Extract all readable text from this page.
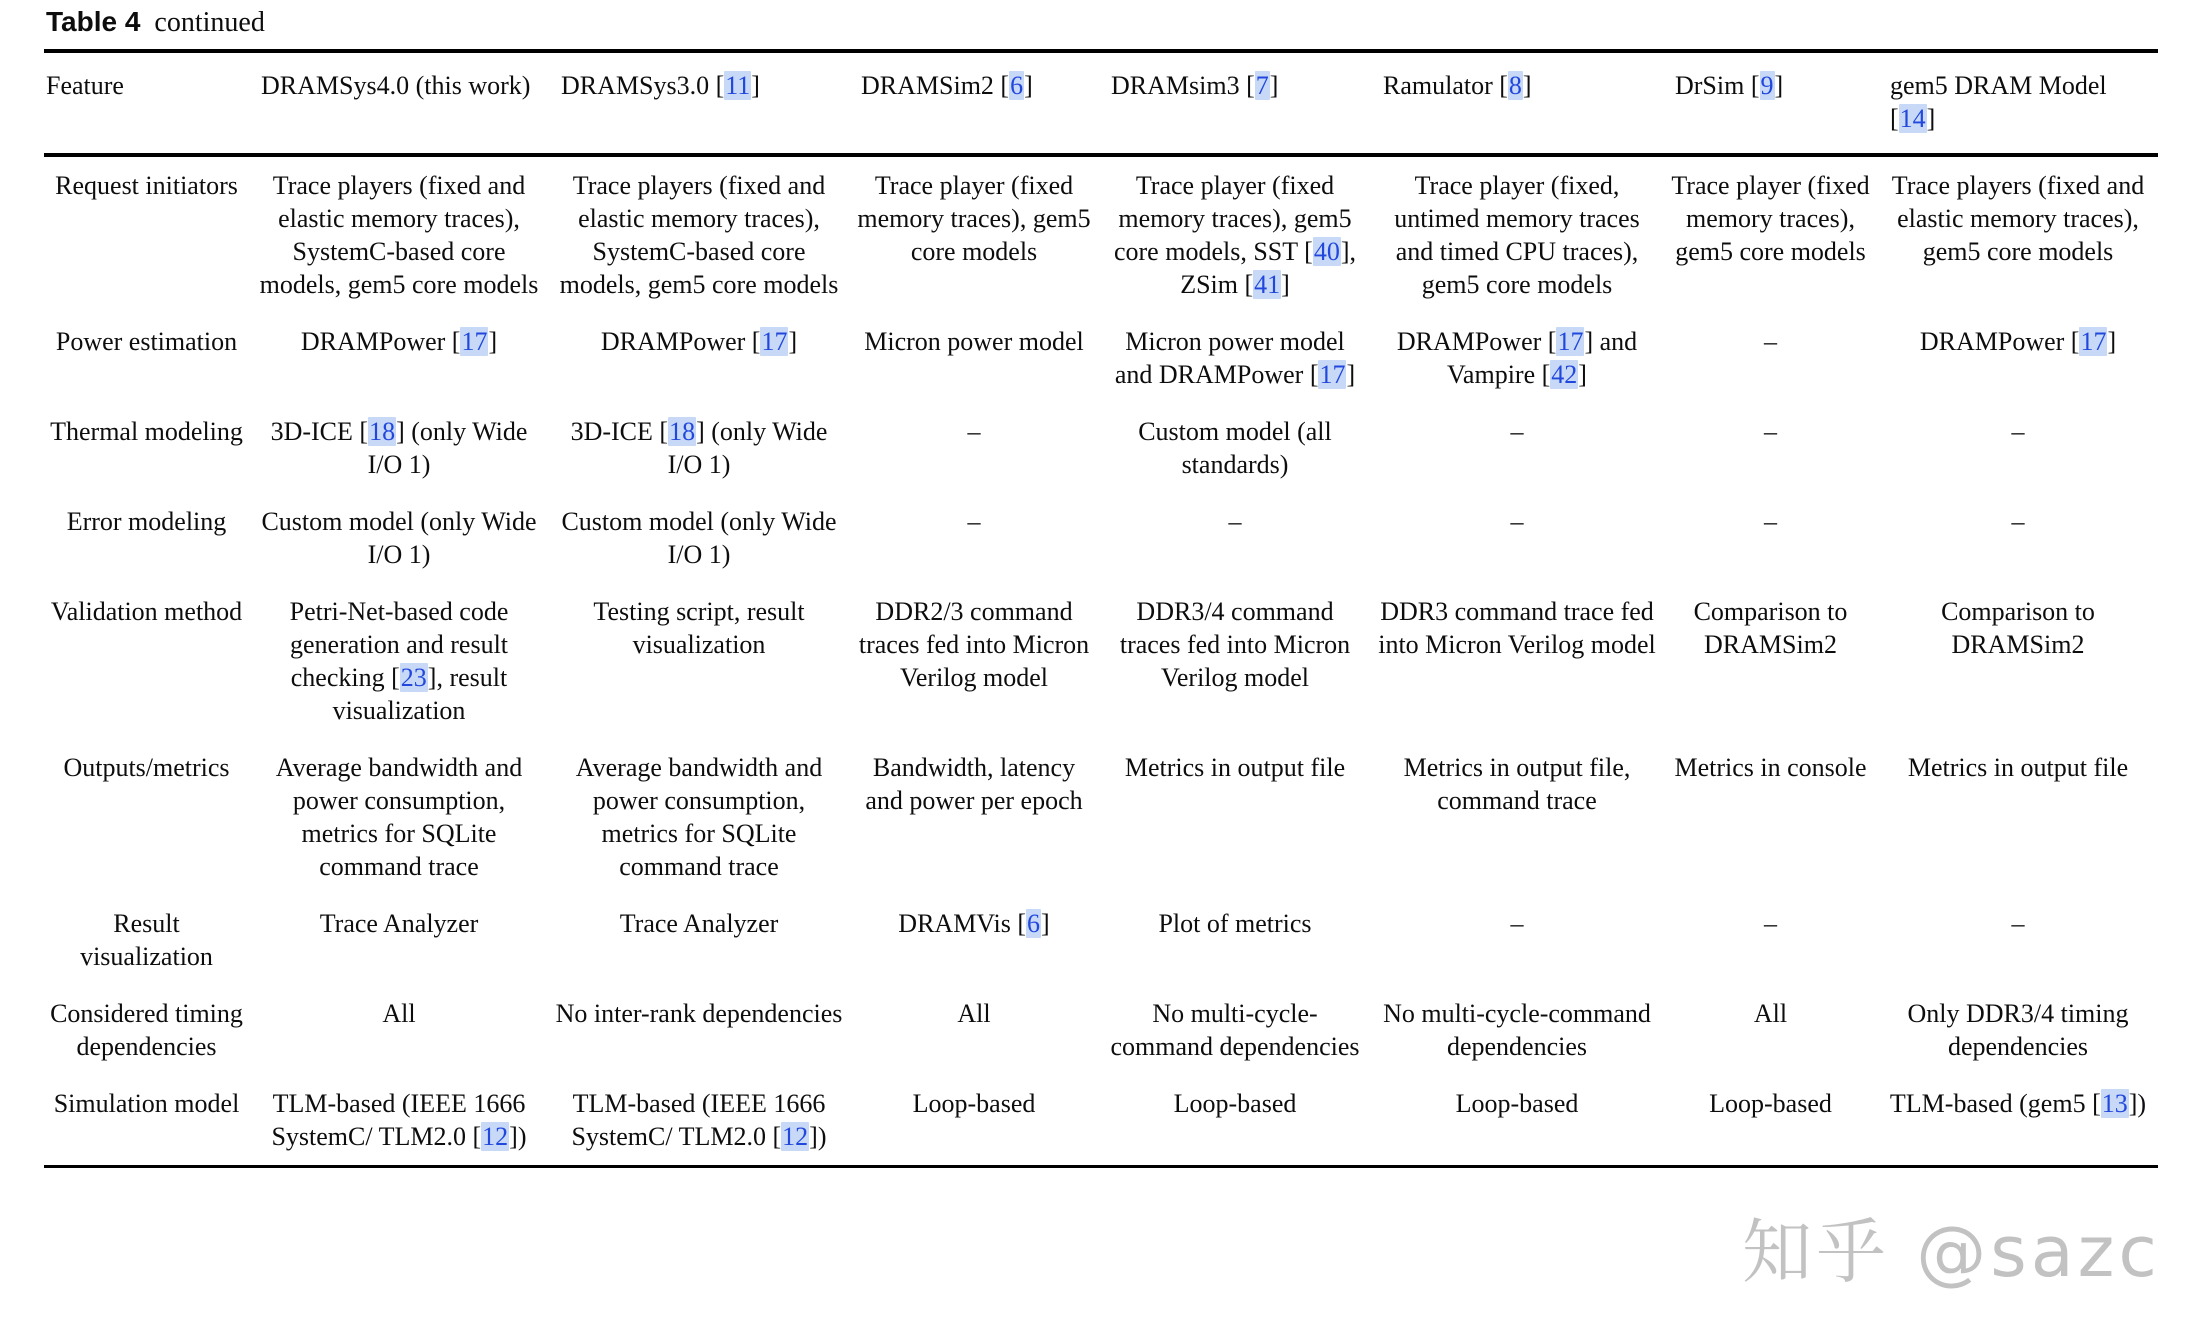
Table 4 continued
Feature	DRAMSys4.0 (this work)	DRAMSys3.0 [11]	DRAMSim2 [6]	DRAMsim3 [7]	Ramulator [8]	DrSim [9]	gem5 DRAM Model [14]
Request initiators	Trace players (fixed and elastic memory traces), SystemC-based core models, gem5 core models	Trace players (fixed and elastic memory traces), SystemC-based core models, gem5 core models	Trace player (fixed memory traces), gem5 core models	Trace player (fixed memory traces), gem5 core models, SST [40], ZSim [41]	Trace player (fixed, untimed memory traces and timed CPU traces), gem5 core models	Trace player (fixed memory traces), gem5 core models	Trace players (fixed and elastic memory traces), gem5 core models
Power estimation	DRAMPower [17]	DRAMPower [17]	Micron power model	Micron power model and DRAMPower [17]	DRAMPower [17] and Vampire [42]	–	DRAMPower [17]
Thermal modeling	3D-ICE [18] (only Wide I/O 1)	3D-ICE [18] (only Wide I/O 1)	–	Custom model (all standards)	–	–	–
Error modeling	Custom model (only Wide I/O 1)	Custom model (only Wide I/O 1)	–	–	–	–	–
Validation method	Petri-Net-based code generation and result checking [23], result visualization	Testing script, result visualization	DDR2/3 command traces fed into Micron Verilog model	DDR3/4 command traces fed into Micron Verilog model	DDR3 command trace fed into Micron Verilog model	Comparison to DRAMSim2	Comparison to DRAMSim2
Outputs/metrics	Average bandwidth and power consumption, metrics for SQLite command trace	Average bandwidth and power consumption, metrics for SQLite command trace	Bandwidth, latency and power per epoch	Metrics in output file	Metrics in output file, command trace	Metrics in console	Metrics in output file
Result visualization	Trace Analyzer	Trace Analyzer	DRAMVis [6]	Plot of metrics	–	–	–
Considered timing dependencies	All	No inter-rank dependencies	All	No multi-cycle-command dependencies	No multi-cycle-command dependencies	All	Only DDR3/4 timing dependencies
Simulation model	TLM-based (IEEE 1666 SystemC/ TLM2.0 [12])	TLM-based (IEEE 1666 SystemC/ TLM2.0 [12])	Loop-based	Loop-based	Loop-based	Loop-based	TLM-based (gem5 [13])
知乎 @sazc
